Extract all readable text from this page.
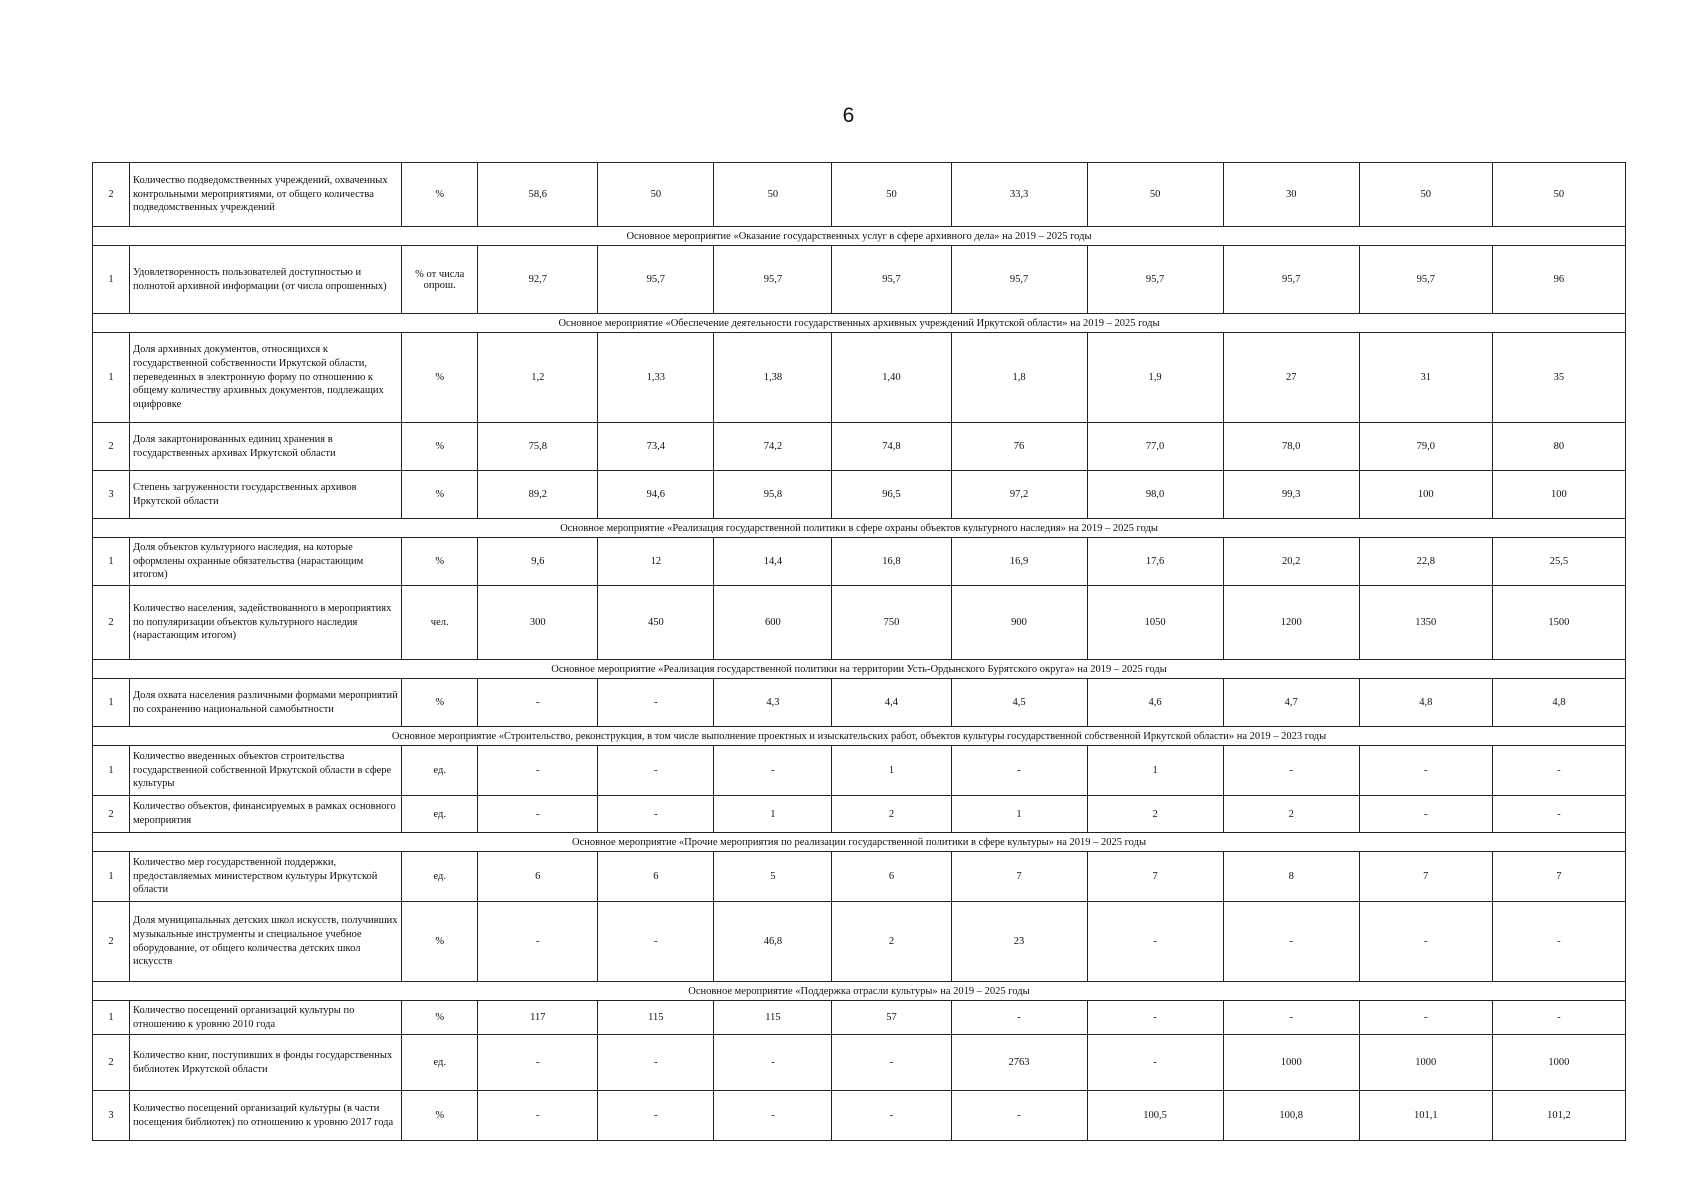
6
2	Количество подведомственных учреждений, охваченных контрольными мероприятиями, от общего количества подведомственных учреждений	%	58,6	50	50	50	33,3	50	30	50	50
Основное мероприятие «Оказание государственных услуг в сфере архивного дела» на 2019 – 2025 годы											
1	Удовлетворенность пользователей доступностью и полнотой архивной информации (от числа опрошенных)	% от числа опрош.	92,7	95,7	95,7	95,7	95,7	95,7	95,7	95,7	96
Основное мероприятие «Обеспечение деятельности государственных архивных учреждений Иркутской области» на 2019 – 2025 годы											
1	Доля архивных документов, относящихся к государственной собственности Иркутской области, переведенных в электронную форму по отношению к общему количеству архивных документов, подлежащих оцифровке	%	1,2	1,33	1,38	1,40	1,8	1,9	27	31	35
2	Доля закартонированных единиц хранения в государственных архивах Иркутской области	%	75,8	73,4	74,2	74,8	76	77,0	78,0	79,0	80
3	Степень загруженности государственных архивов Иркутской области	%	89,2	94,6	95,8	96,5	97,2	98,0	99,3	100	100
Основное мероприятие «Реализация государственной политики в сфере охраны объектов культурного наследия» на 2019 – 2025 годы											
1	Доля объектов культурного наследия, на которые оформлены охранные обязательства (нарастающим итогом)	%	9,6	12	14,4	16,8	16,9	17,6	20,2	22,8	25,5
2	Количество населения, задействованного в мероприятиях по популяризации объектов культурного наследия (нарастающим итогом)	чел.	300	450	600	750	900	1050	1200	1350	1500
Основное мероприятие «Реализация государственной политики на территории Усть-Ордынского Бурятского округа» на 2019 – 2025 годы											
1	Доля охвата населения различными формами мероприятий по сохранению национальной самобытности	%	-	-	4,3	4,4	4,5	4,6	4,7	4,8	4,8
Основное мероприятие «Строительство, реконструкция, в том числе выполнение проектных и изыскательских работ, объектов культуры государственной собственной Иркутской области» на 2019 – 2023 годы											
1	Количество введенных объектов строительства государственной собственной Иркутской области в сфере культуры	ед.	-	-	-	1	-	1	-	-	-
2	Количество объектов, финансируемых в рамках основного мероприятия	ед.	-	-	1	2	1	2	2	-	-
Основное мероприятие «Прочие мероприятия по реализации государственной политики в сфере культуры» на 2019 – 2025 годы											
1	Количество мер государственной поддержки, предоставляемых министерством культуры Иркутской области	ед.	6	6	5	6	7	7	8	7	7
2	Доля муниципальных детских школ искусств, получивших музыкальные инструменты и специальное учебное оборудование, от общего количества детских школ искусств	%	-	-	46,8	2	23	-	-	-	-
Основное мероприятие «Поддержка отрасли культуры» на 2019 – 2025 годы											
1	Количество посещений организаций культуры по отношению к уровню 2010 года	%	117	115	115	57	-	-	-	-	-
2	Количество книг, поступивших в фонды государственных библиотек Иркутской области	ед.	-	-	-	-	2763	-	1000	1000	1000
3	Количество посещений организаций культуры (в части посещения библиотек) по отношению к уровню 2017 года	%	-	-	-	-	-	100,5	100,8	101,1	101,2
